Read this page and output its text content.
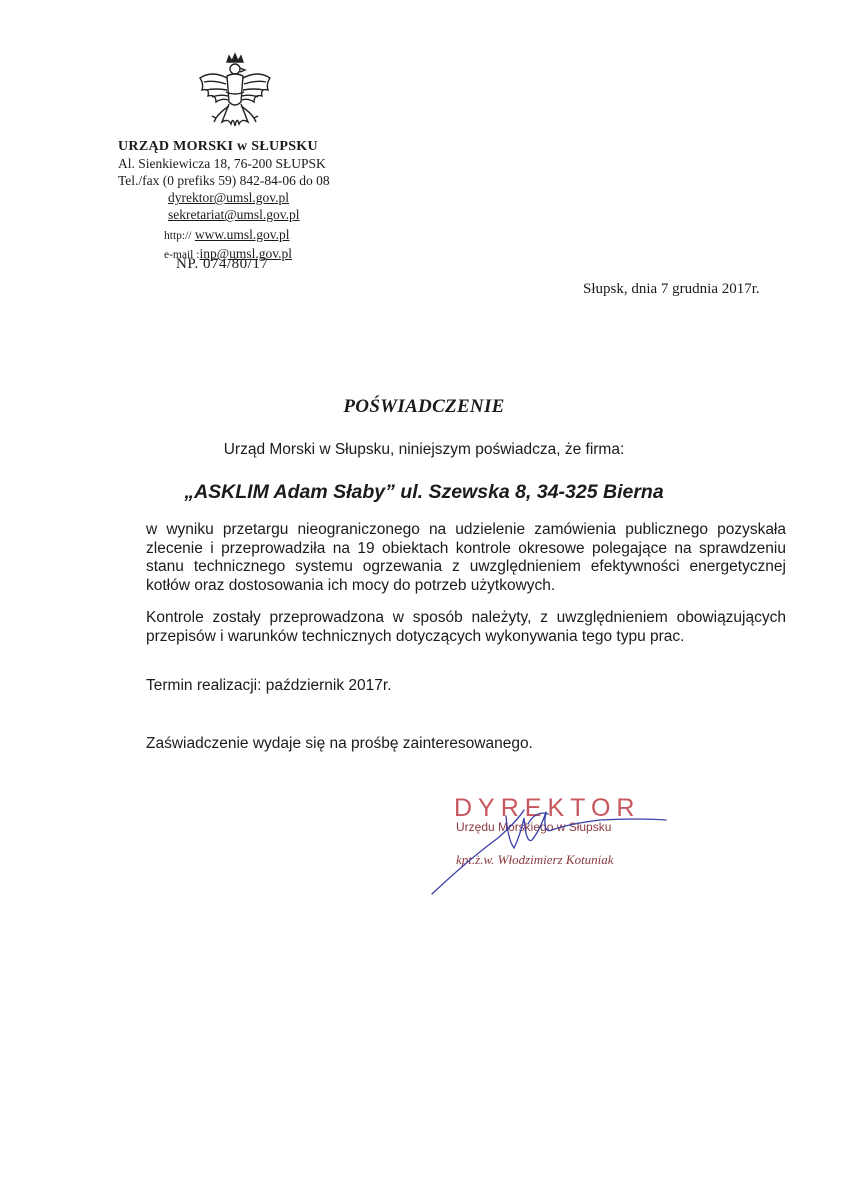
URZĄD MORSKI w SŁUPSKU
Al. Sienkiewicza 18, 76-200 SŁUPSK
Tel./fax (0 prefiks 59) 842-84-06 do 08
dyrektor@umsl.gov.pl
sekretariat@umsl.gov.pl
http:// www.umsl.gov.pl
e-mail :inp@umsl.gov.pl
NP. 074/80/17
Słupsk, dnia 7 grudnia 2017r.
POŚWIADCZENIE
Urząd Morski w Słupsku, niniejszym poświadcza, że firma:
„ASKLIM Adam Słaby” ul. Szewska 8, 34-325 Bierna
w wyniku przetargu nieograniczonego na udzielenie zamówienia publicznego pozyskała zlecenie i przeprowadziła na 19 obiektach kontrole okresowe polegające na sprawdzeniu stanu technicznego systemu ogrzewania z uwzględnieniem efektywności energetycznej kotłów oraz dostosowania ich mocy do potrzeb użytkowych.
Kontrole zostały przeprowadzona w sposób należyty, z uwzględnieniem obowiązujących przepisów i warunków technicznych dotyczących wykonywania tego typu prac.
Termin realizacji: październik 2017r.
Zaświadczenie wydaje się na prośbę zainteresowanego.
DYREKTOR
Urzędu Morskiego w Słupsku
kpt.ż.w. Włodzimierz Kotuniak
